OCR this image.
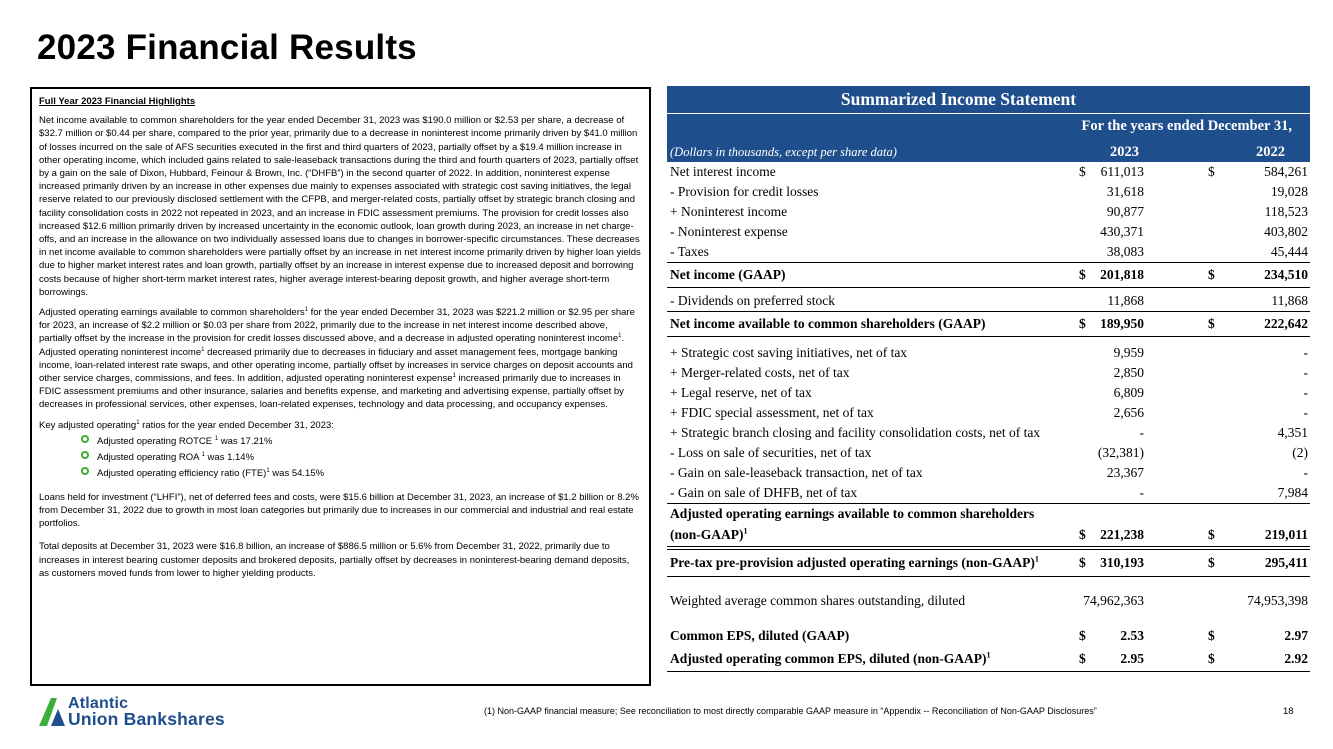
2023 Financial Results

Full Year 2023 Financial Highlights

Net income available to common shareholders for the year ended December 31, 2023 was $190.0 million or $2.53 per share, a decrease of $32.7 million or $0.44 per share, compared to the prior year, primarily due to a decrease in noninterest income primarily driven by $41.0 million of losses incurred on the sale of AFS securities executed in the first and third quarters of 2023, partially offset by a $19.4 million increase in other operating income, which included gains related to sale-leaseback transactions during the third and fourth quarters of 2023, partially offset by a gain on the sale of Dixon, Hubbard, Feinour & Brown, Inc. (“DHFB”) in the second quarter of 2022. In addition, noninterest expense increased primarily driven by an increase in other expenses due mainly to expenses associated with strategic cost saving initiatives, the legal reserve related to our previously disclosed settlement with the CFPB, and merger-related costs, partially offset by strategic branch closing and facility consolidation costs in 2022 not repeated in 2023, and an increase in FDIC assessment premiums. The provision for credit losses also increased $12.6 million primarily driven by increased uncertainty in the economic outlook, loan growth during 2023, an increase in net charge-offs, and an increase in the allowance on two individually assessed loans due to changes in borrower-specific circumstances. These decreases in net income available to common shareholders were partially offset by an increase in net interest income primarily driven by higher loan yields due to higher market interest rates and loan growth, partially offset by an increase in interest expense due to increased deposit and borrowing costs because of higher short-term market interest rates, higher average interest-bearing deposit growth, and higher average short-term borrowings.

Adjusted operating earnings available to common shareholders$^1$ for the year ended December 31, 2023 was $221.2 million or $2.95 per share for 2023, an increase of $2.2 million or $0.03 per share from 2022, primarily due to the increase in net interest income described above, partially offset by the increase in the provision for credit losses discussed above, and a decrease in adjusted operating noninterest income$^1$. Adjusted operating noninterest income$^1$ decreased primarily due to decreases in fiduciary and asset management fees, mortgage banking income, loan-related interest rate swaps, and other operating income, partially offset by increases in service charges on deposit accounts and other service charges, commissions, and fees. In addition, adjusted operating noninterest expense$^1$ increased primarily due to increases in FDIC assessment premiums and other insurance, salaries and benefits expense, and marketing and advertising expense, partially offset by decreases in professional services, other expenses, loan-related expenses, technology and data processing, and occupancy expenses.

Key adjusted operating$^1$ ratios for the year ended December 31, 2023:

Adjusted operating ROTCE $^1$ was 17.21%
Adjusted operating ROA $^1$ was 1.14%
Adjusted operating efficiency ratio (FTE)$^1$ was 54.15%

Loans held for investment (“LHFI”), net of deferred fees and costs, were $15.6 billion at December 31, 2023, an increase of $1.2 billion or 8.2% from December 31, 2022 due to growth in most loan categories but primarily due to increases in our commercial and industrial and real estate portfolios.

Total deposits at December 31, 2023 were $16.8 billion, an increase of $886.5 million or 5.6% from December 31, 2022, primarily due to increases in interest bearing customer deposits and brokered deposits, partially offset by decreases in noninterest-bearing demand deposits, as customers moved funds from lower to higher yielding products.

Summarized Income Statement
For the years ended December 31,
(Dollars in thousands, except per share data)	2023	2022
Net interest income	$ 611,013	$	584,261
- Provision for credit losses	31,618	19,028
+ Noninterest income	90,877	118,523
- Noninterest expense	430,371	403,802
- Taxes	38,083	45,444
Net income (GAAP)	$ 201,818	$	234,510
- Dividends on preferred stock	11,868	11,868
Net income available to common shareholders (GAAP)	$ 189,950	$	222,642
+ Strategic cost saving initiatives, net of tax	9,959	-
+ Merger-related costs, net of tax	2,850	-
+ Legal reserve, net of tax	6,809	-
+ FDIC special assessment, net of tax	2,656	-
+ Strategic branch closing and facility consolidation costs, net of tax	-	4,351
- Loss on sale of securities, net of tax	(32,381)	(2)
- Gain on sale-leaseback transaction, net of tax	23,367	-
- Gain on sale of DHFB, net of tax	-	7,984
Adjusted operating earnings available to common shareholders
(non-GAAP)$^1$	$ 221,238	$	219,011
Pre-tax pre-provision adjusted operating earnings (non-GAAP)$^1$	$ 310,193	$	295,411
Weighted average common shares outstanding, diluted	74,962,363	74,953,398
Common EPS, diluted (GAAP)	$	2.53	$	2.97
Adjusted operating common EPS, diluted (non-GAAP)$^1$	$	2.95	$	2.92
Atlantic
Union Bankshares	(1) Non-GAAP financial measure; See reconciliation to most directly comparable GAAP measure in “Appendix -- Reconciliation of Non-GAAP Disclosures”	18
